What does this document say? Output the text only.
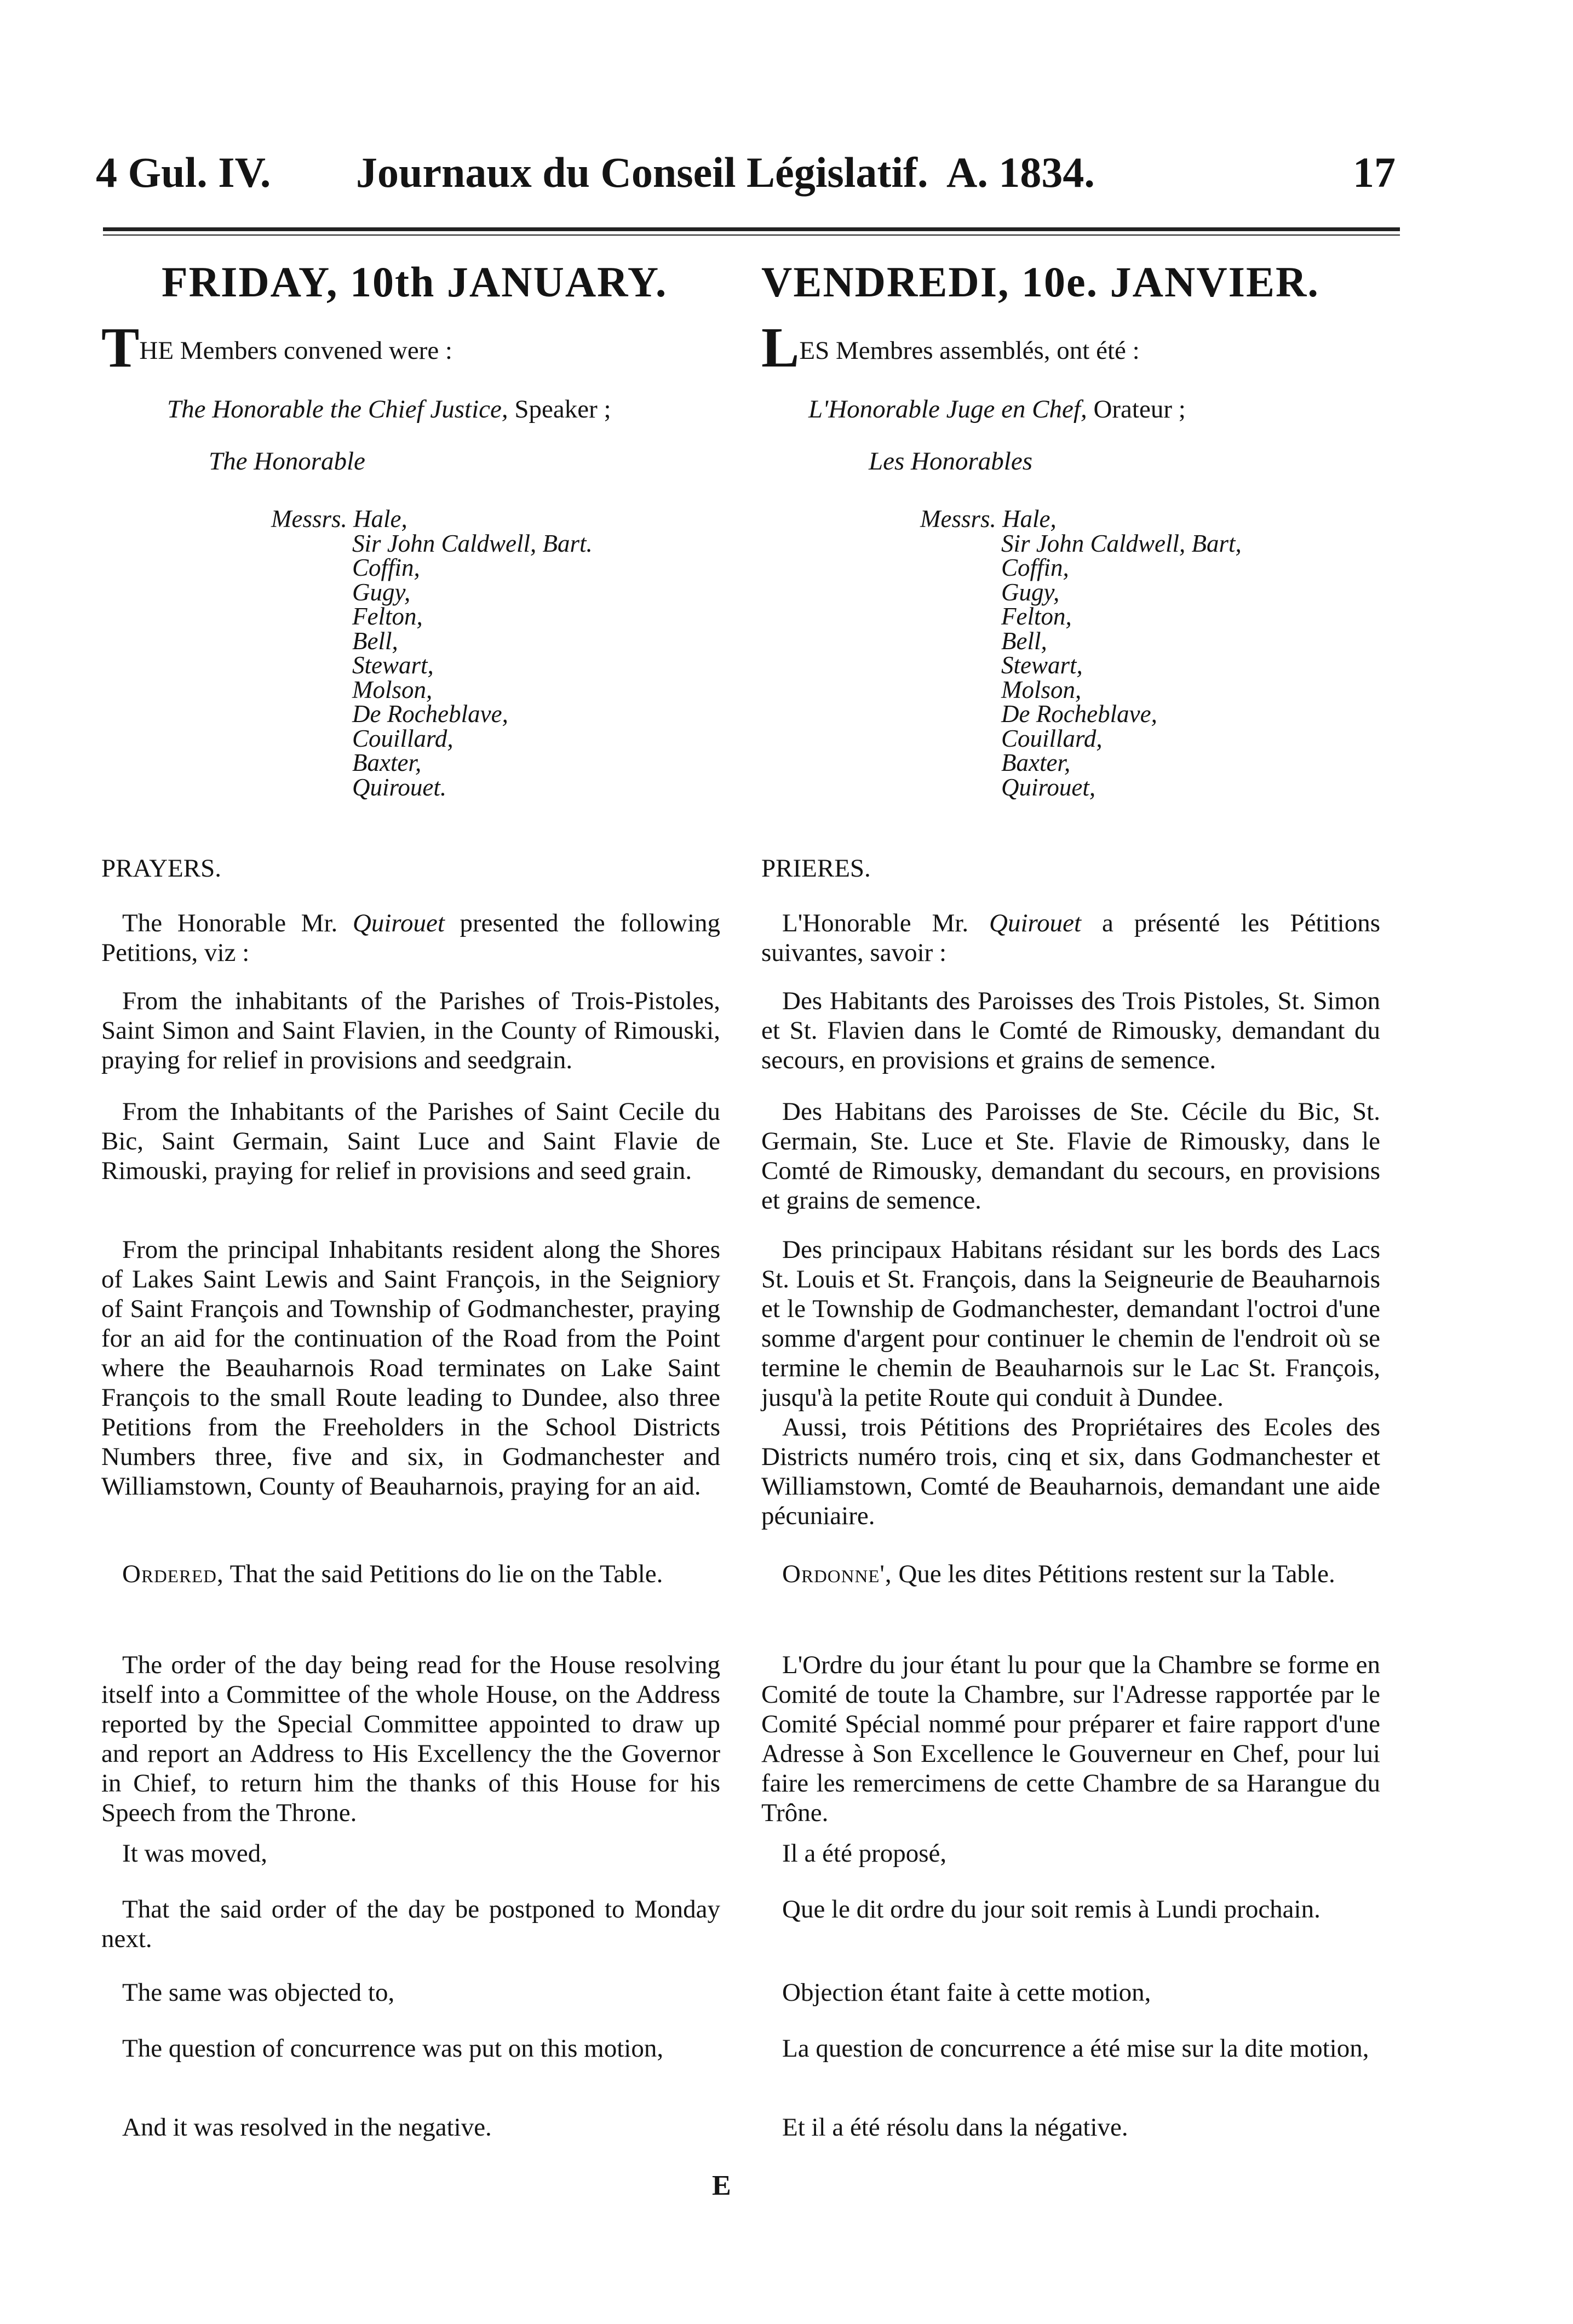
4 Gul. IV. Journaux du Conseil Législatif. A. 1834.	17
FRIDAY, 10th JANUARY.
THE Members convened were :
The Honorable the Chief Justice, Speaker ;
The Honorable
Messrs. Hale,
Sir John Caldwell, Bart.
Coffin,
Gugy,
Felton,
Bell,
Stewart,
Molson,
De Rocheblave,
Couillard,
Baxter,
Quirouet.
PRAYERS.
The Honorable Mr. Quirouet presented the following Petitions, viz :
From the inhabitants of the Parishes of Trois-Pistoles, Saint Simon and Saint Flavien, in the County of Rimouski, praying for relief in provisions and seedgrain.
From the Inhabitants of the Parishes of Saint Cecile du Bic, Saint Germain, Saint Luce and Saint Flavie de Rimouski, praying for relief in provisions and seed grain.
From the principal Inhabitants resident along the Shores of Lakes Saint Lewis and Saint François, in the Seigniory of Saint François and Township of Godmanchester, praying for an aid for the continuation of the Road from the Point where the Beauharnois Road terminates on Lake Saint François to the small Route leading to Dundee, also three Petitions from the Freeholders in the School Districts Numbers three, five and six, in Godmanchester and Williamstown, County of Beauharnois, praying for an aid.
Ordered, That the said Petitions do lie on the Table.
The order of the day being read for the House resolving itself into a Committee of the whole House, on the Address reported by the Special Committee appointed to draw up and report an Address to His Excellency the the Governor in Chief, to return him the thanks of this House for his Speech from the Throne.
It was moved,
That the said order of the day be postponed to Monday next.
The same was objected to,
The question of concurrence was put on this motion,
And it was resolved in the negative.
VENDREDI, 10e. JANVIER.
LES Membres assemblés, ont été :
L'Honorable Juge en Chef, Orateur ;
Les Honorables
Messrs. Hale,
Sir John Caldwell, Bart,
Coffin,
Gugy,
Felton,
Bell,
Stewart,
Molson,
De Rocheblave,
Couillard,
Baxter,
Quirouet,
PRIERES.
L'Honorable Mr. Quirouet a présenté les Pétitions suivantes, savoir :
Des Habitants des Paroisses des Trois Pistoles, St. Simon et St. Flavien dans le Comté de Rimousky, demandant du secours, en provisions et grains de semence.
Des Habitans des Paroisses de Ste. Cécile du Bic, St. Germain, Ste. Luce et Ste. Flavie de Rimousky, dans le Comté de Rimousky, demandant du secours, en provisions et grains de semence.
Des principaux Habitans résidant sur les bords des Lacs St. Louis et St. François, dans la Seigneurie de Beauharnois et le Township de Godmanchester, demandant l'octroi d'une somme d'argent pour continuer le chemin de l'endroit où se termine le chemin de Beauharnois sur le Lac St. François, jusqu'à la petite Route qui conduit à Dundee.
Aussi, trois Pétitions des Propriétaires des Ecoles des Districts numéro trois, cinq et six, dans Godmanchester et Williamstown, Comté de Beauharnois, demandant une aide pécuniaire.
Ordonne', Que les dites Pétitions restent sur la Table.
L'Ordre du jour étant lu pour que la Chambre se forme en Comité de toute la Chambre, sur l'Adresse rapportée par le Comité Spécial nommé pour préparer et faire rapport d'une Adresse à Son Excellence le Gouverneur en Chef, pour lui faire les remercimens de cette Chambre de sa Harangue du Trône.
Il a été proposé,
Que le dit ordre du jour soit remis à Lundi prochain.
Objection étant faite à cette motion,
La question de concurrence a été mise sur la dite motion,
Et il a été résolu dans la négative.
E
